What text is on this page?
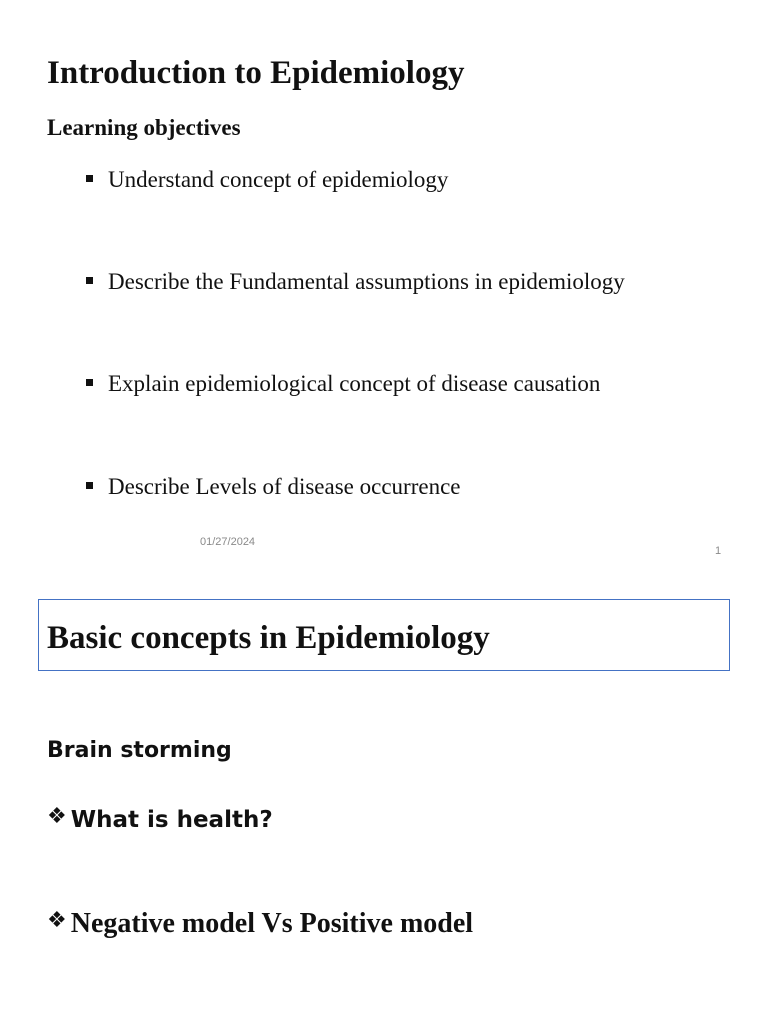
Introduction to Epidemiology
Learning objectives
Understand concept of epidemiology
Describe the Fundamental assumptions in epidemiology
Explain epidemiological concept of disease causation
Describe Levels of disease occurrence
01/27/2024
1
Basic concepts in Epidemiology
Brain storming
❖ What is health?
❖ Negative model Vs Positive model
